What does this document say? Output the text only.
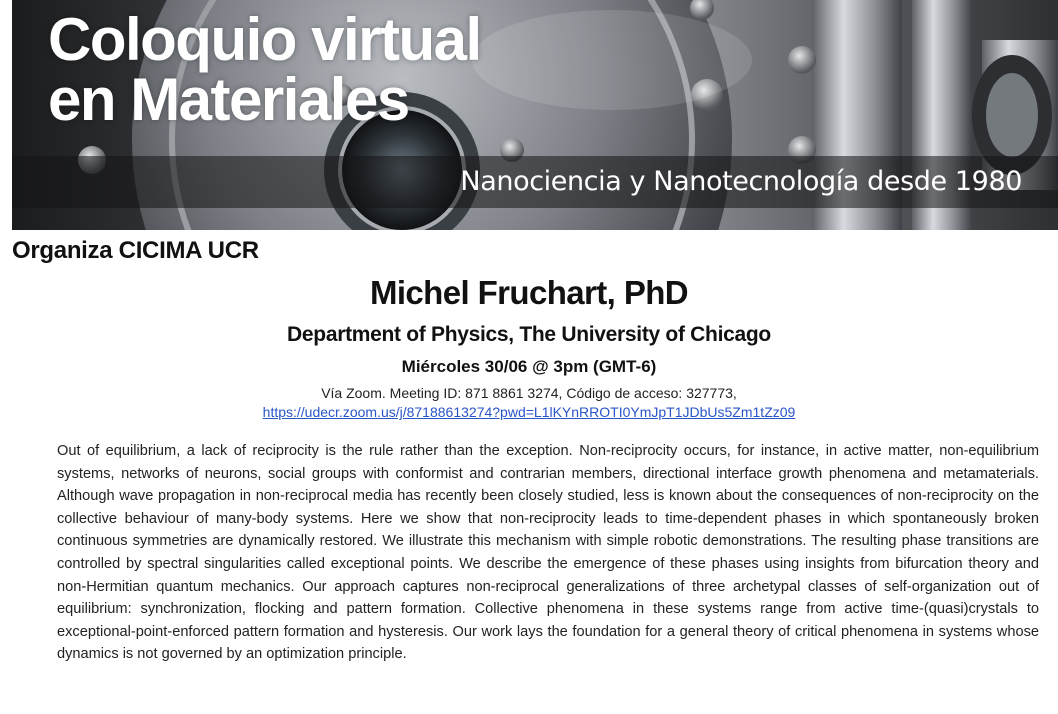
Coloquio virtual
en Materiales

Nanociencia y Nanotecnología desde 1980

Organiza CICIMA UCR

Michel Fruchart, PhD

Department of Physics, The University of Chicago

Miércoles 30/06 @ 3pm (GMT-6)

Vía Zoom. Meeting ID: 871 8861 3274, Código de acceso: 327773,

https://udecr.zoom.us/j/87188613274?pwd=L1lKYnRROTI0YmJpT1JDbUs5Zm1tZz09

Out of equilibrium, a lack of reciprocity is the rule rather than the exception. Non-reciprocity occurs, for instance, in active matter, non-equilibrium systems, networks of neurons, social groups with conformist and contrarian members, directional interface growth phenomena and metamaterials. Although wave propagation in non-reciprocal media has recently been closely studied, less is known about the consequences of non-reciprocity on the collective behaviour of many-body systems. Here we show that non-reciprocity leads to time-dependent phases in which spontaneously broken continuous symmetries are dynamically restored. We illustrate this mechanism with simple robotic demonstrations. The resulting phase transitions are controlled by spectral singularities called exceptional points. We describe the emergence of these phases using insights from bifurcation theory and non-Hermitian quantum mechanics. Our approach captures non-reciprocal generalizations of three archetypal classes of self-organization out of equilibrium: synchronization, flocking and pattern formation. Collective phenomena in these systems range from active time-(quasi)crystals to exceptional-point-enforced pattern formation and hysteresis. Our work lays the foundation for a general theory of critical phenomena in systems whose dynamics is not governed by an optimization principle.
